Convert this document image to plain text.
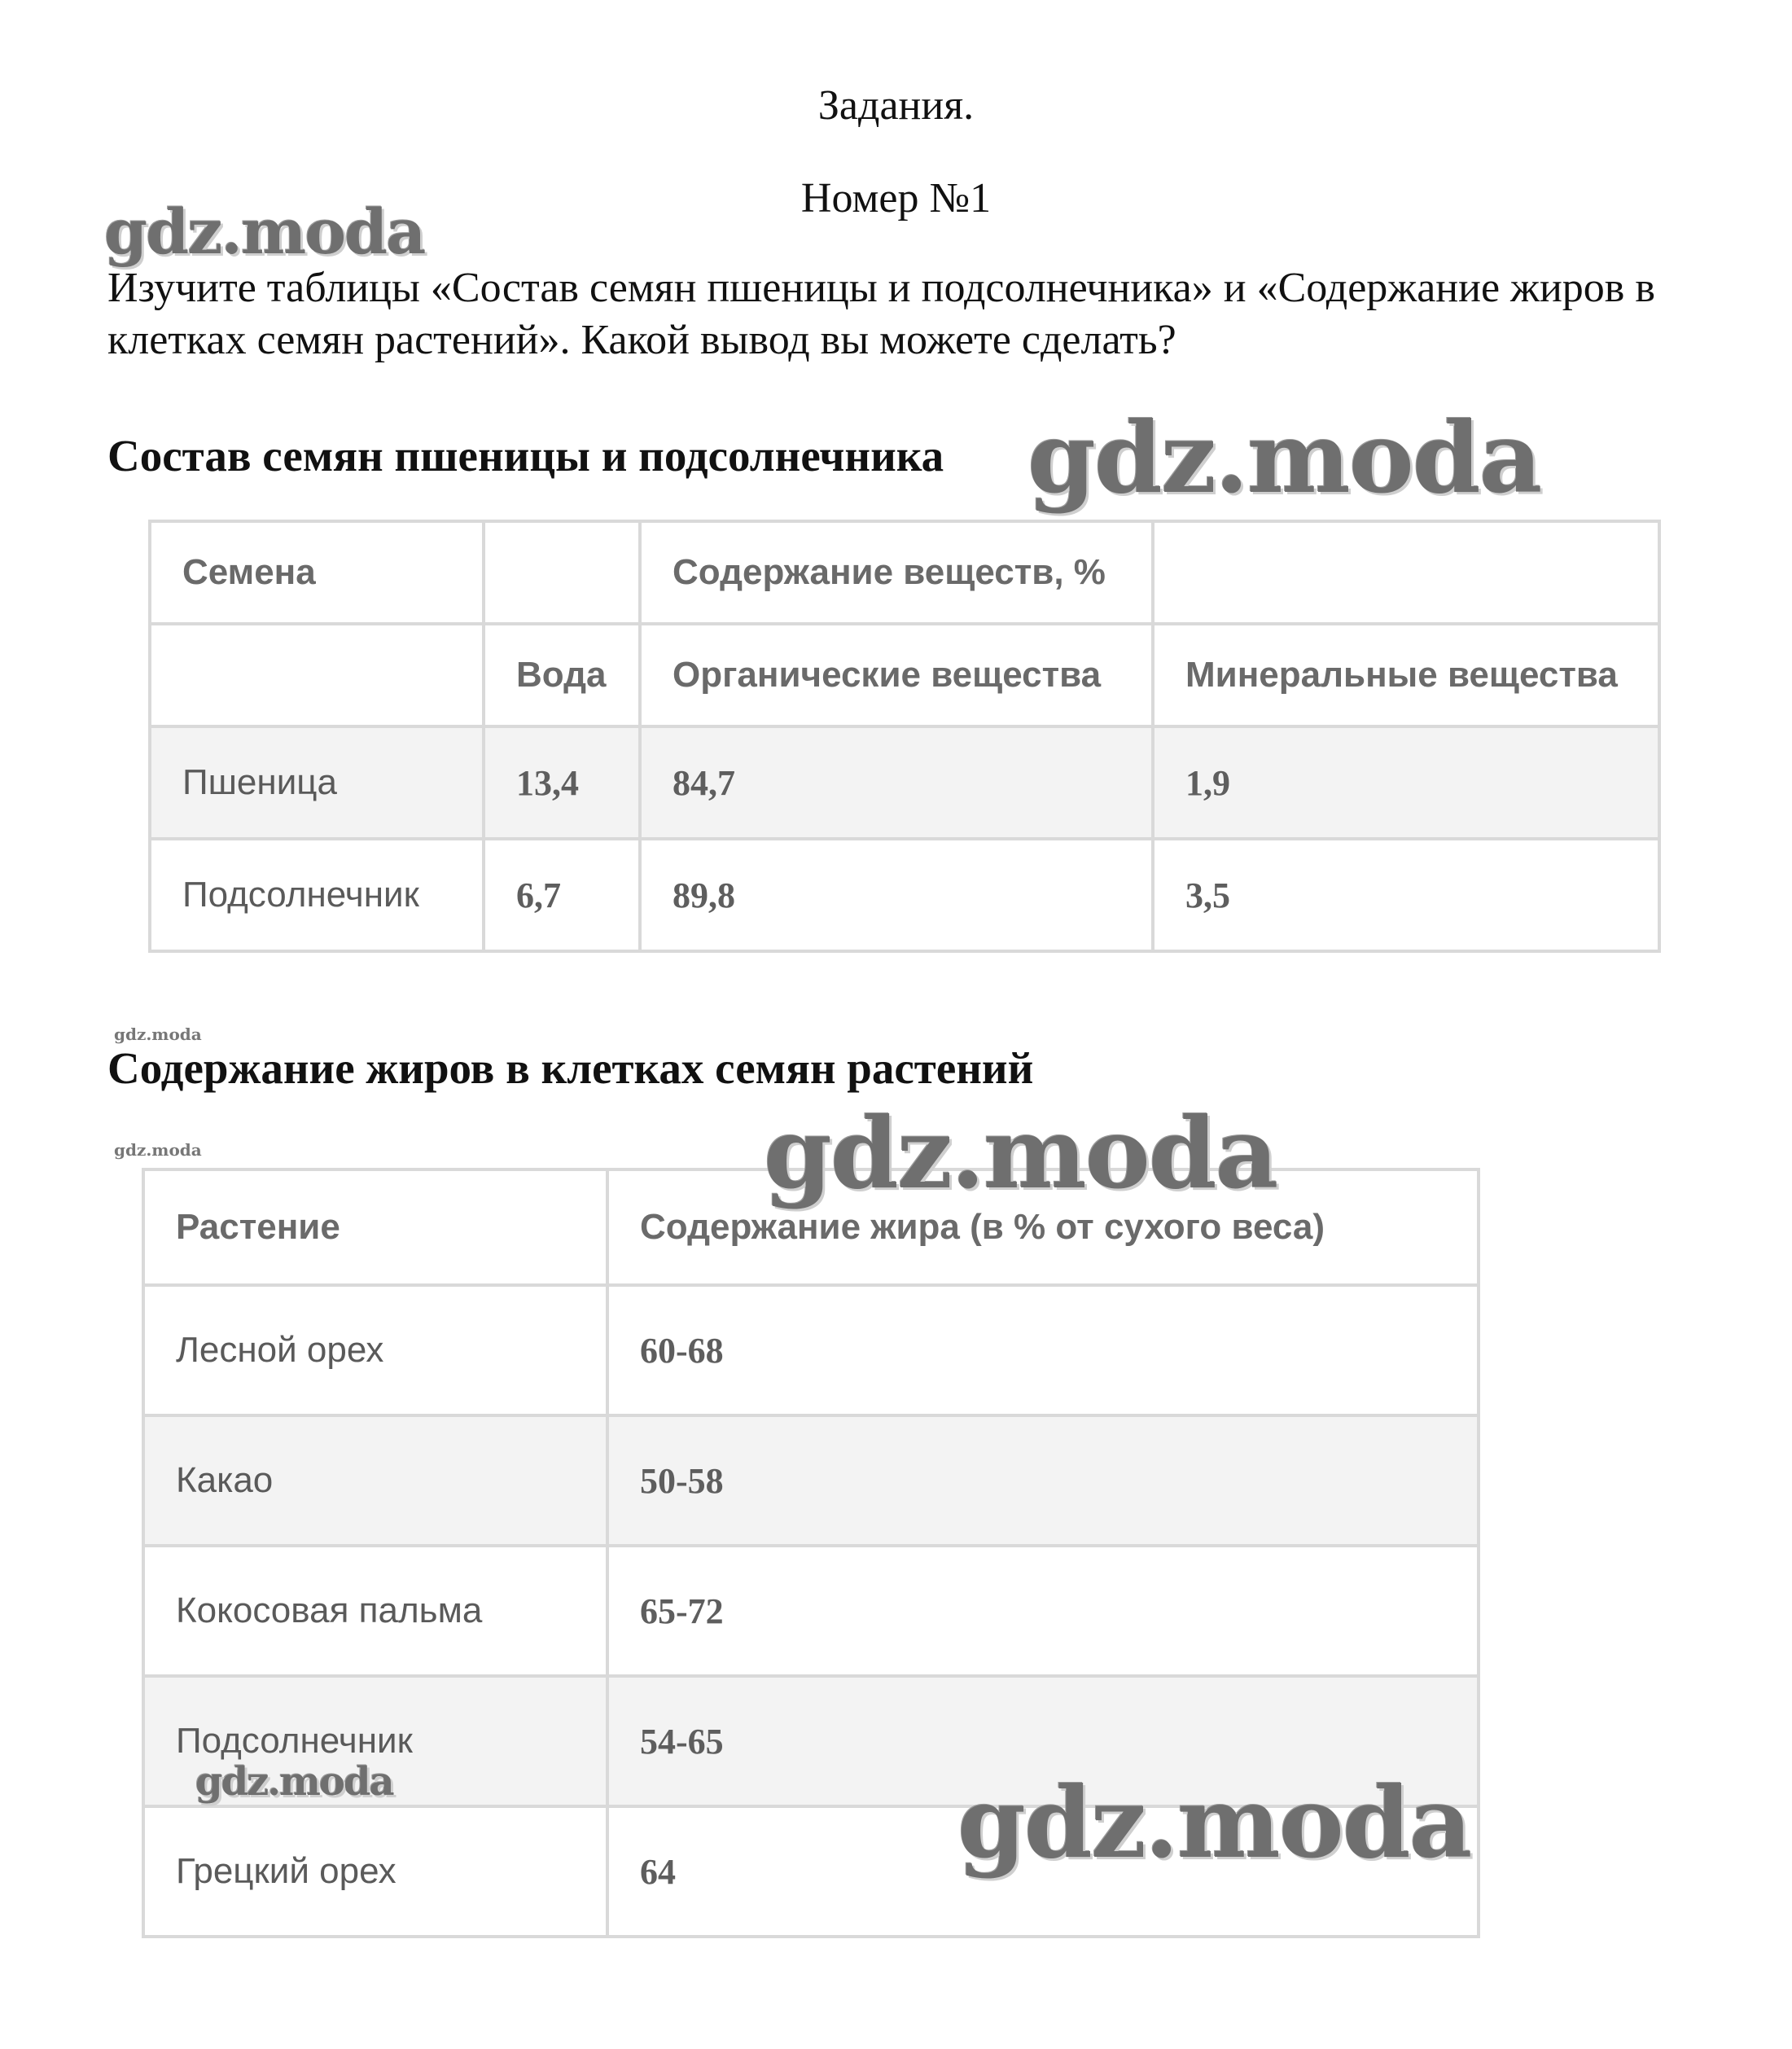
Задания.
Номер №1
Изучите таблицы «Состав семян пшеницы и подсолнечника» и «Содержание жиров в клетках семян растений». Какой вывод вы можете сделать?
Состав семян пшеницы и подсолнечника
Семена		Содержание веществ, %	
	Вода	Органические вещества	Минеральные вещества
Пшеница	13,4	84,7	1,9
Подсолнечник	6,7	89,8	3,5
Содержание жиров в клетках семян растений
Растение	Содержание жира (в % от сухого веса)
Лесной орех	60-68
Какао	50-58
Кокосовая пальма	65-72
Подсолнечник	54-65
Грецкий орех	64
gdz.moda
gdz.moda
gdz.moda
gdz.moda	gdz.moda
gdz.moda	gdz.moda
